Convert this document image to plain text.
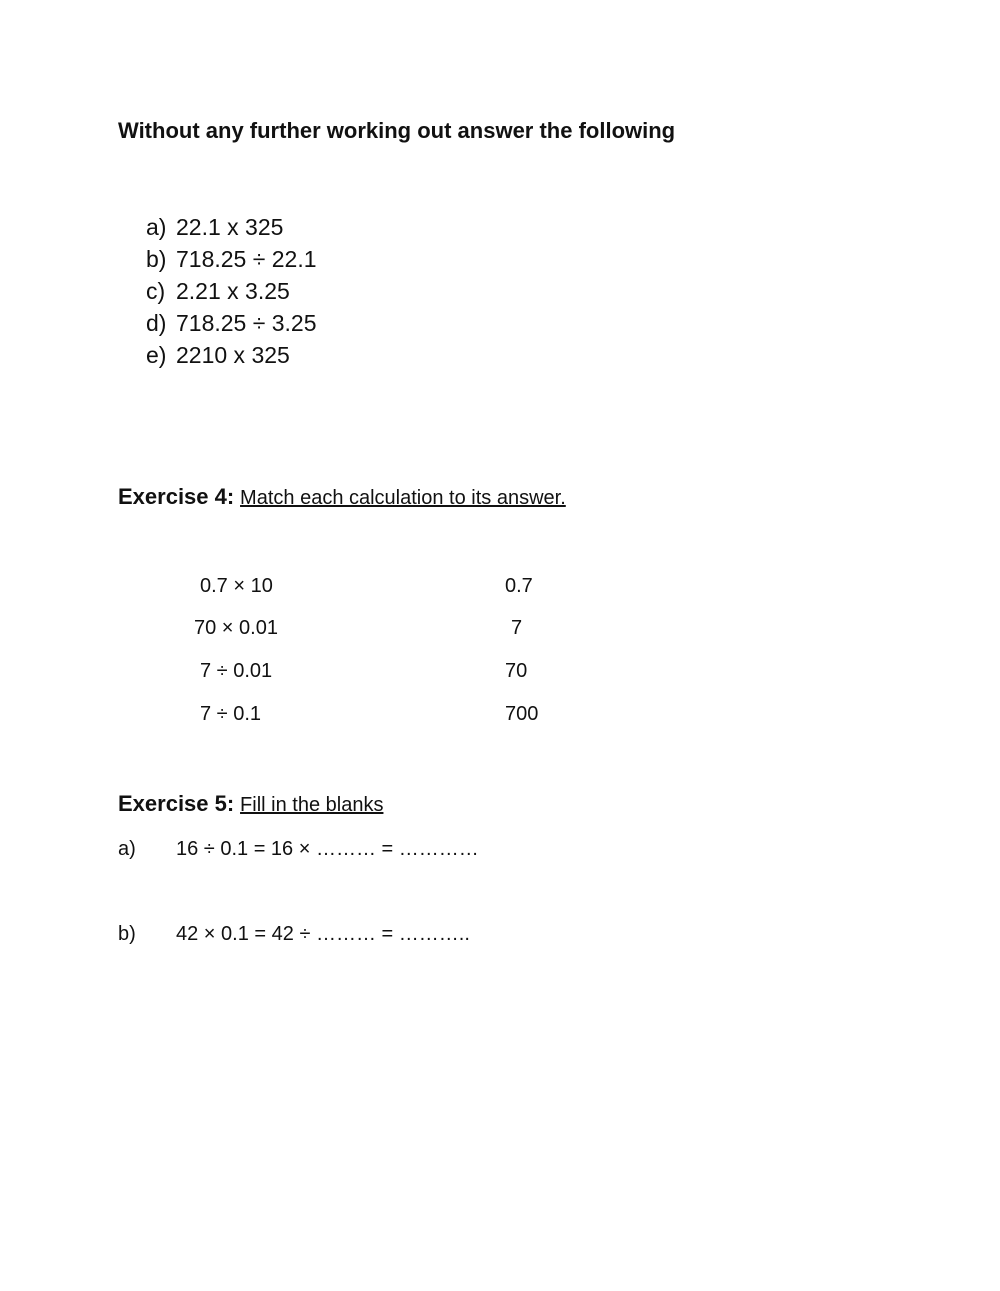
Without any further working out answer the following
a) 22.1 x 325
b) 718.25 ÷ 22.1
c) 2.21 x 3.25
d) 718.25 ÷ 3.25
e) 2210 x 325
Exercise 4: Match each calculation to its answer.
0.7 × 10
70 × 0.01
7 ÷ 0.01
7 ÷ 0.1
0.7
7
70
700
Exercise 5: Fill in the blanks
a) 16 ÷ 0.1 = 16 × ……… = …………
b) 42 × 0.1 = 42 ÷ ……… = ………..
